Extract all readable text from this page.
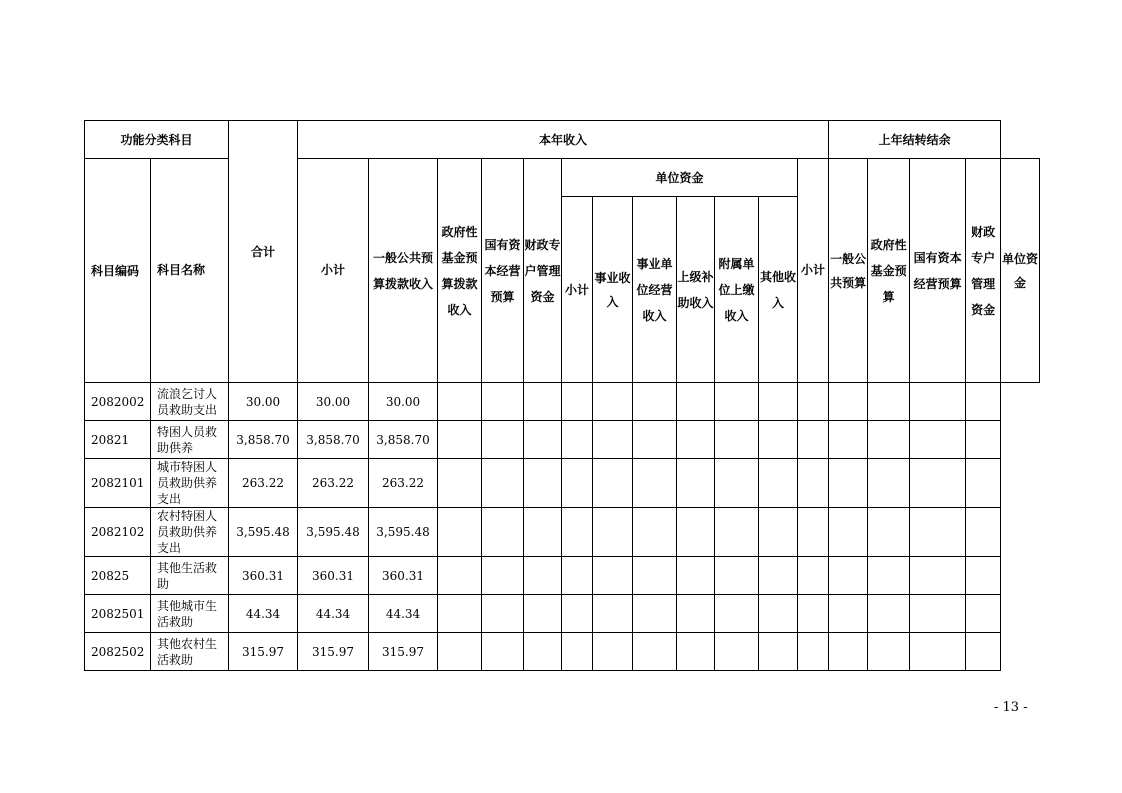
功能分类科目		合计	本年收入												上年结转结余				
科目编码	科目名称		小计	一般公共预算拨款收入	政府性基金预算拨款收入	国有资本经营预算	财政专户管理资金	单位资金						小计	一般公共预算	政府性基金预算	国有资本经营预算	财政专户管理资金	单位资金
								小计	事业收入	事业单位经营收入	上级补助收入	附属单位上缴收入	其他收入						
2082002	流浪乞讨人员救助支出	30.00	30.00	30.00															
20821	特困人员救助供养	3,858.70	3,858.70	3,858.70															
2082101	城市特困人员救助供养支出	263.22	263.22	263.22															
2082102	农村特困人员救助供养支出	3,595.48	3,595.48	3,595.48															
20825	其他生活救助	360.31	360.31	360.31															
2082501	其他城市生活救助	44.34	44.34	44.34															
2082502	其他农村生活救助	315.97	315.97	315.97															
- 13 -
